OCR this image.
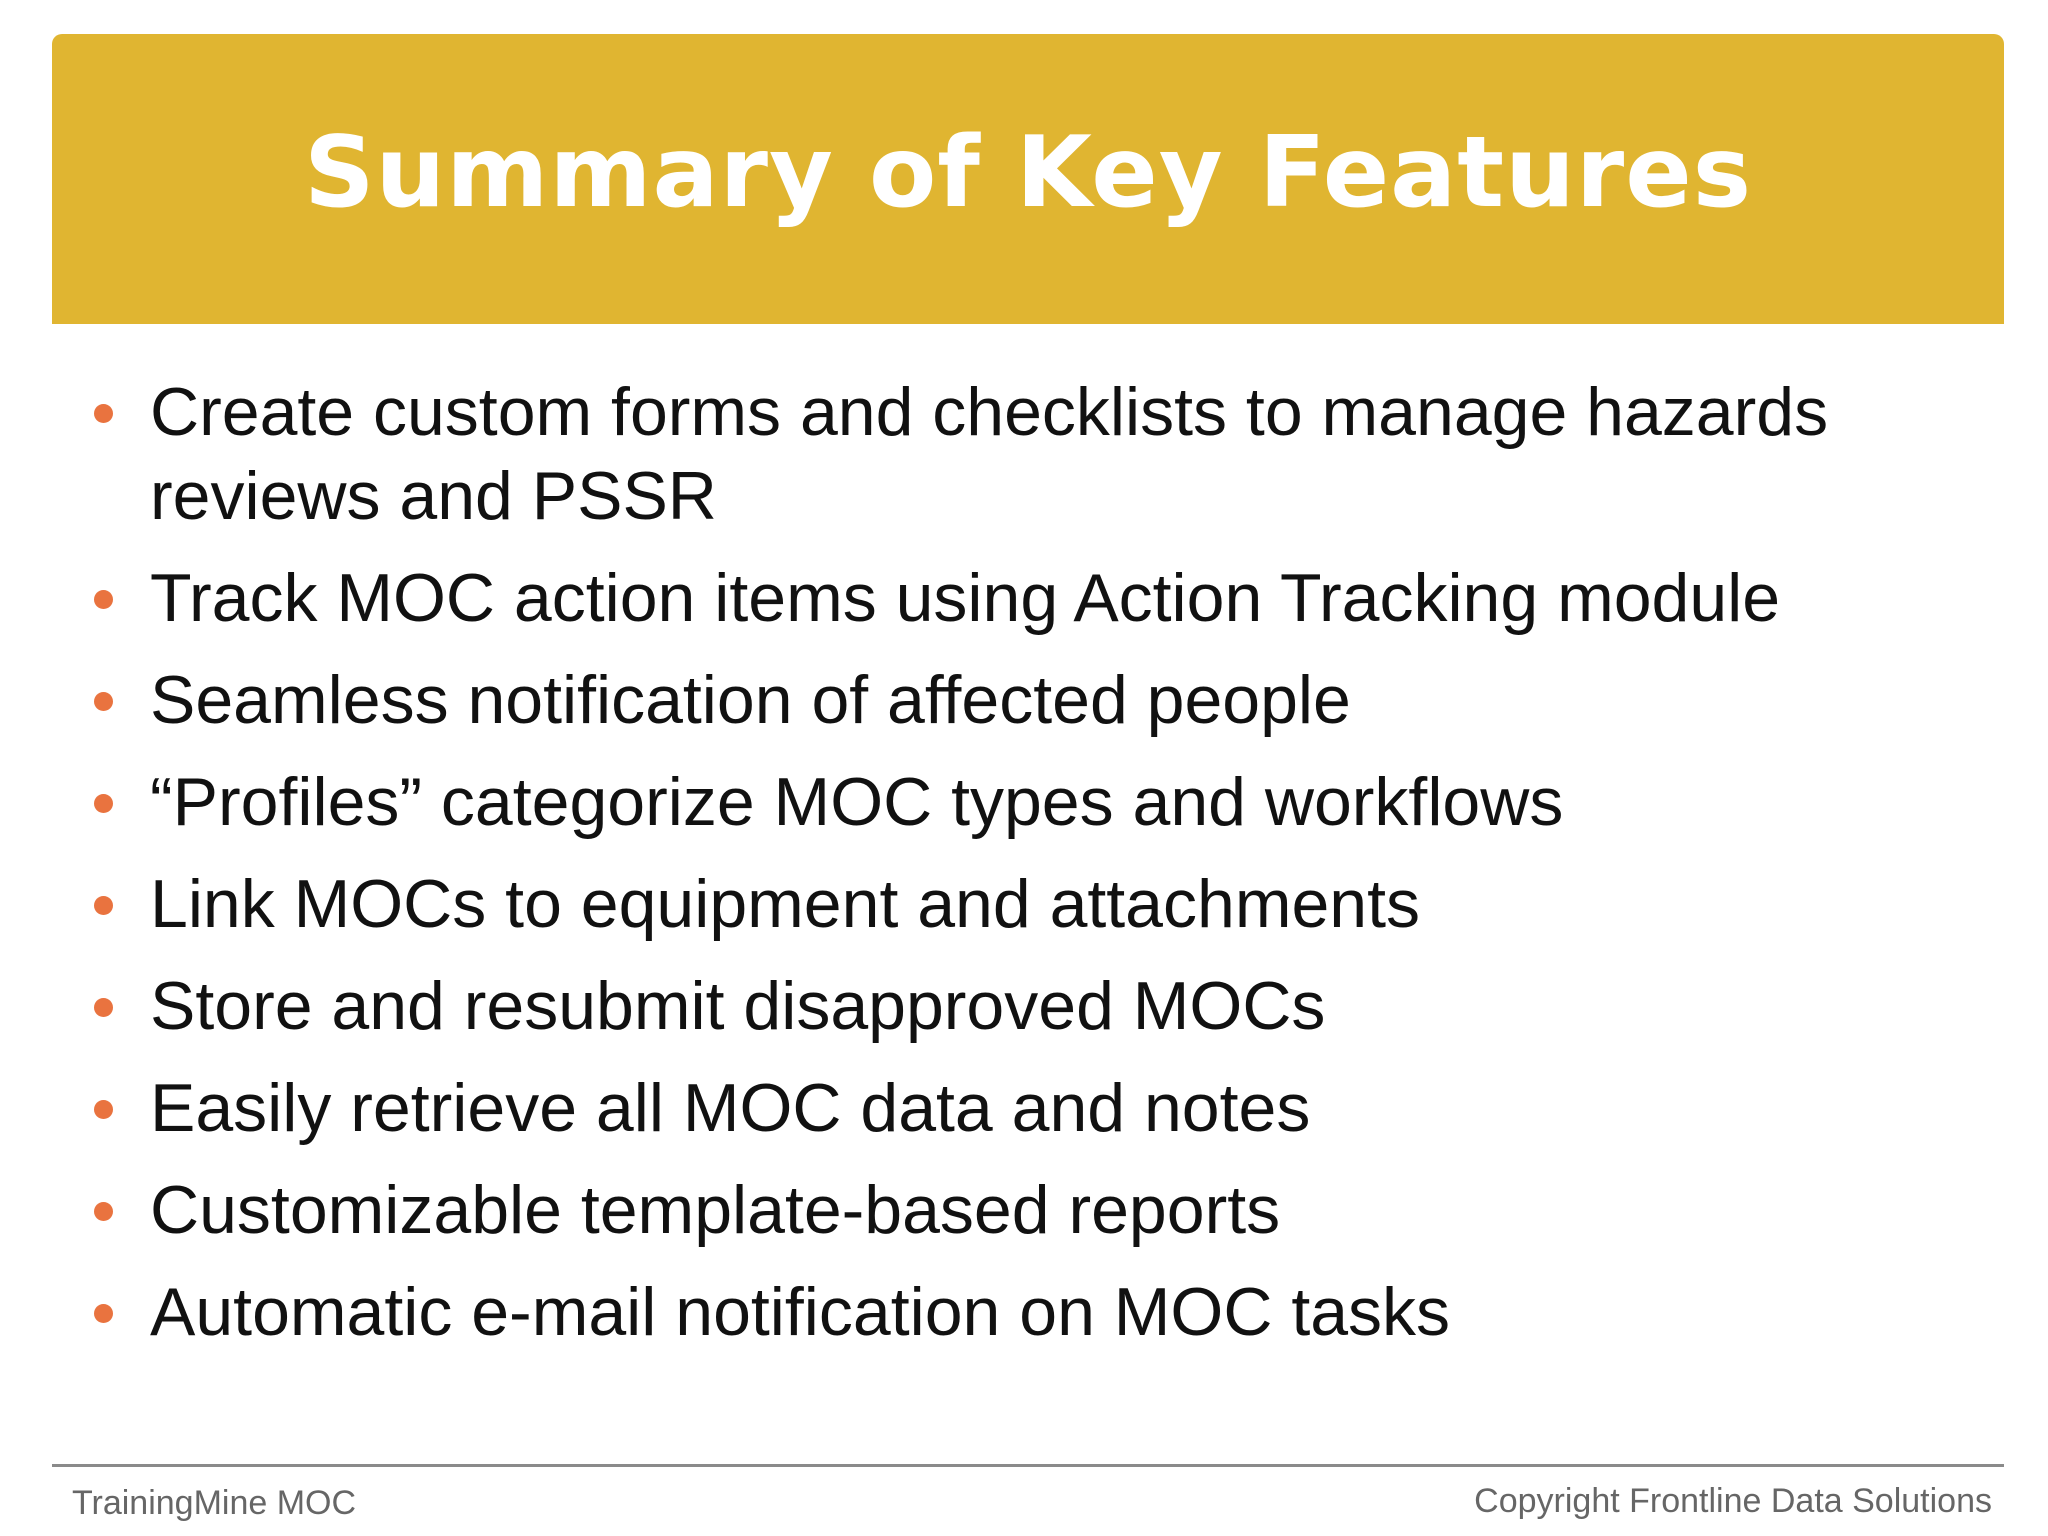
Summary of Key Features
Create custom forms and checklists to manage hazards reviews and PSSR
Track MOC action items using Action Tracking module
Seamless notification of affected people
“Profiles” categorize MOC types and workflows
Link MOCs to equipment and attachments
Store and resubmit disapproved MOCs
Easily retrieve all MOC data and notes
Customizable template-based reports
Automatic e-mail notification on MOC tasks
TrainingMine MOC	Copyright Frontline Data Solutions
